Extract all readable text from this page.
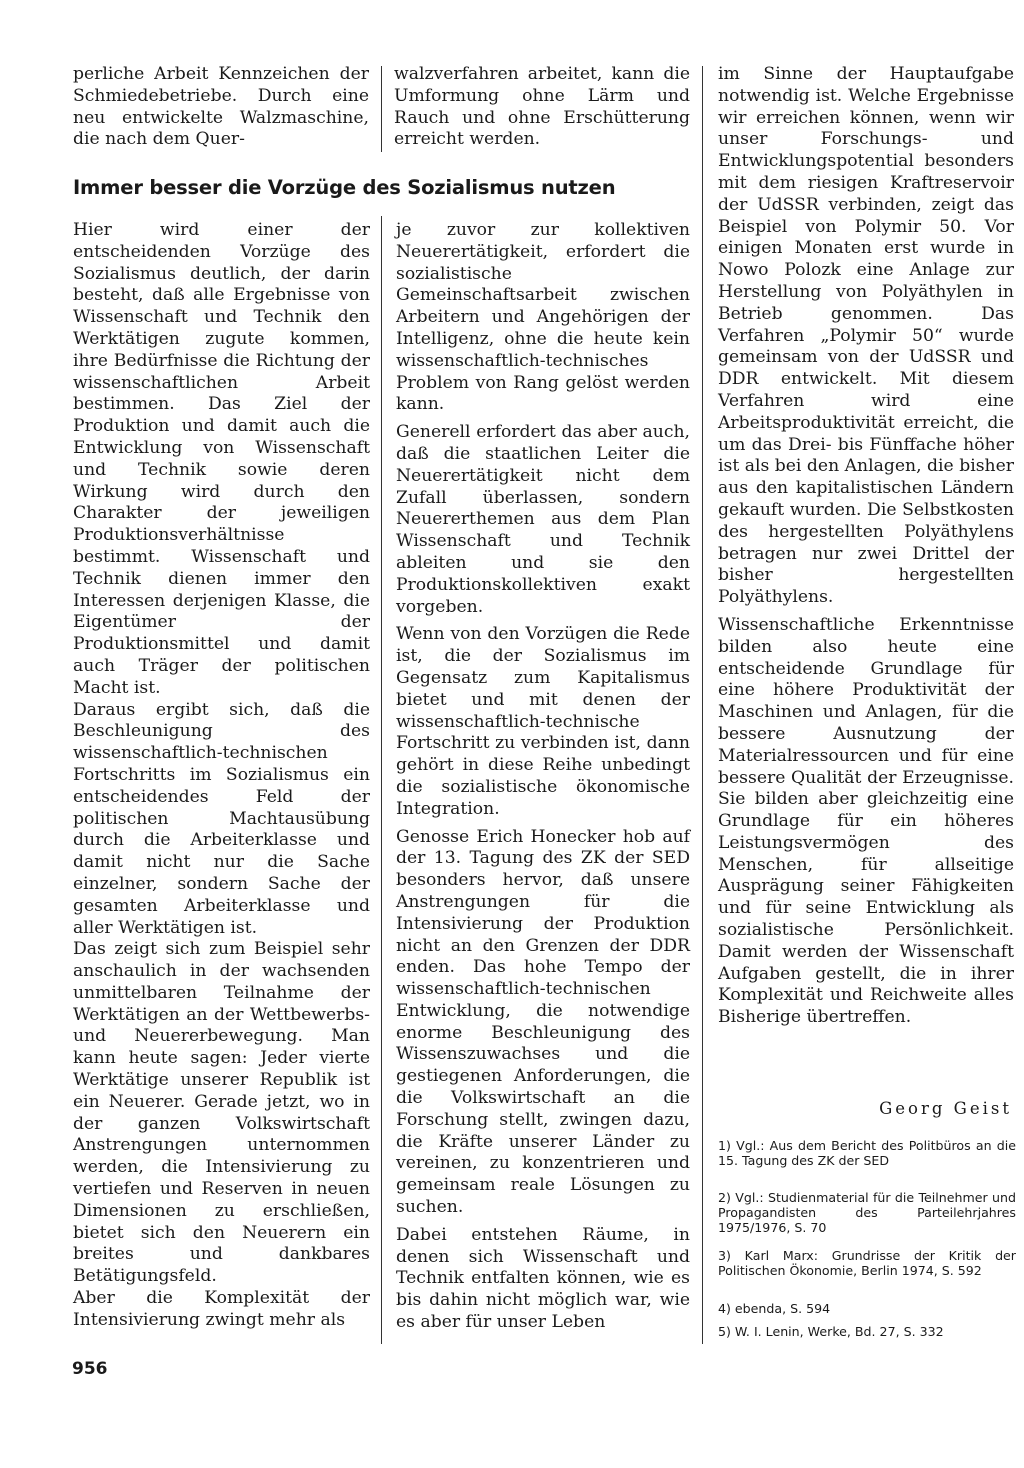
perliche Arbeit Kennzeichen der Schmiedebetriebe. Durch eine neu entwickelte Walzmaschine, die nach dem Quer-

walzverfahren arbeitet, kann die Umformung ohne Lärm und Rauch und ohne Erschütterung erreicht werden.

Immer besser die Vorzüge des Sozialismus nutzen

Hier wird einer der entscheidenden Vorzüge des Sozialismus deutlich, der darin besteht, daß alle Ergebnisse von Wissenschaft und Technik den Werktätigen zugute kommen, ihre Bedürfnisse die Richtung der wissenschaftlichen Arbeit bestimmen. Das Ziel der Produktion und damit auch die Entwicklung von Wissenschaft und Technik sowie deren Wirkung wird durch den Charakter der jeweiligen Produktionsverhältnisse bestimmt. Wissenschaft und Technik dienen immer den Interessen derjenigen Klasse, die Eigentümer der Produktionsmittel und damit auch Träger der politischen Macht ist.

Daraus ergibt sich, daß die Beschleunigung des wissenschaftlich-technischen Fortschritts im Sozialismus ein entscheidendes Feld der politischen Machtausübung durch die Arbeiterklasse und damit nicht nur die Sache einzelner, sondern Sache der gesamten Arbeiterklasse und aller Werktätigen ist.

Das zeigt sich zum Beispiel sehr anschaulich in der wachsenden unmittelbaren Teilnahme der Werktätigen an der Wettbewerbs- und Neuererbewegung. Man kann heute sagen: Jeder vierte Werktätige unserer Republik ist ein Neuerer. Gerade jetzt, wo in der ganzen Volkswirtschaft Anstrengungen unternommen werden, die Intensivierung zu vertiefen und Reserven in neuen Dimensionen zu erschließen, bietet sich den Neuerern ein breites und dankbares Betätigungsfeld.

Aber die Komplexität der Intensivierung zwingt mehr als

je zuvor zur kollektiven Neuerertätigkeit, erfordert die sozialistische Gemeinschaftsarbeit zwischen Arbeitern und Angehörigen der Intelligenz, ohne die heute kein wissenschaftlich-technisches Problem von Rang gelöst werden kann.

Generell erfordert das aber auch, daß die staatlichen Leiter die Neuerertätigkeit nicht dem Zufall überlassen, sondern Neuererthemen aus dem Plan Wissenschaft und Technik ableiten und sie den Produktionskollektiven exakt vorgeben.

Wenn von den Vorzügen die Rede ist, die der Sozialismus im Gegensatz zum Kapitalismus bietet und mit denen der wissenschaftlich-technische Fortschritt zu verbinden ist, dann gehört in diese Reihe unbedingt die sozialistische ökonomische Integration.

Genosse Erich Honecker hob auf der 13. Tagung des ZK der SED besonders hervor, daß unsere Anstrengungen für die Intensivierung der Produktion nicht an den Grenzen der DDR enden. Das hohe Tempo der wissenschaftlich-technischen Entwicklung, die notwendige enorme Beschleunigung des Wissenszuwachses und die gestiegenen Anforderungen, die die Volkswirtschaft an die Forschung stellt, zwingen dazu, die Kräfte unserer Länder zu vereinen, zu konzentrieren und gemeinsam reale Lösungen zu suchen.

Dabei entstehen Räume, in denen sich Wissenschaft und Technik entfalten können, wie es bis dahin nicht möglich war, wie es aber für unser Leben

im Sinne der Hauptaufgabe notwendig ist. Welche Ergebnisse wir erreichen können, wenn wir unser Forschungs- und Entwicklungspotential besonders mit dem riesigen Kraftreservoir der UdSSR verbinden, zeigt das Beispiel von Polymir 50. Vor einigen Monaten erst wurde in Nowo Polozk eine Anlage zur Herstellung von Polyäthylen in Betrieb genommen. Das Verfahren „Polymir 50“ wurde gemeinsam von der UdSSR und DDR entwickelt. Mit diesem Verfahren wird eine Arbeitsproduktivität erreicht, die um das Drei- bis Fünffache höher ist als bei den Anlagen, die bisher aus den kapitalistischen Ländern gekauft wurden. Die Selbstkosten des hergestellten Polyäthylens betragen nur zwei Drittel der bisher hergestellten Polyäthylens.

Wissenschaftliche Erkenntnisse bilden also heute eine entscheidende Grundlage für eine höhere Produktivität der Maschinen und Anlagen, für die bessere Ausnutzung der Materialressourcen und für eine bessere Qualität der Erzeugnisse. Sie bilden aber gleichzeitig eine Grundlage für ein höheres Leistungsvermögen des Menschen, für allseitige Ausprägung seiner Fähigkeiten und für seine Entwicklung als sozialistische Persönlichkeit. Damit werden der Wissenschaft Aufgaben gestellt, die in ihrer Komplexität und Reichweite alles Bisherige übertreffen.

Georg Geist
1) Vgl.: Aus dem Bericht des Politbüros an die 15. Tagung des ZK der SED
2) Vgl.: Studienmaterial für die Teilnehmer und Propagandisten des Parteilehrjahres 1975/1976, S. 70
3) Karl Marx: Grundrisse der Kritik der Politischen Ökonomie, Berlin 1974, S. 592
4) ebenda, S. 594
5) W. I. Lenin, Werke, Bd. 27, S. 332
956
